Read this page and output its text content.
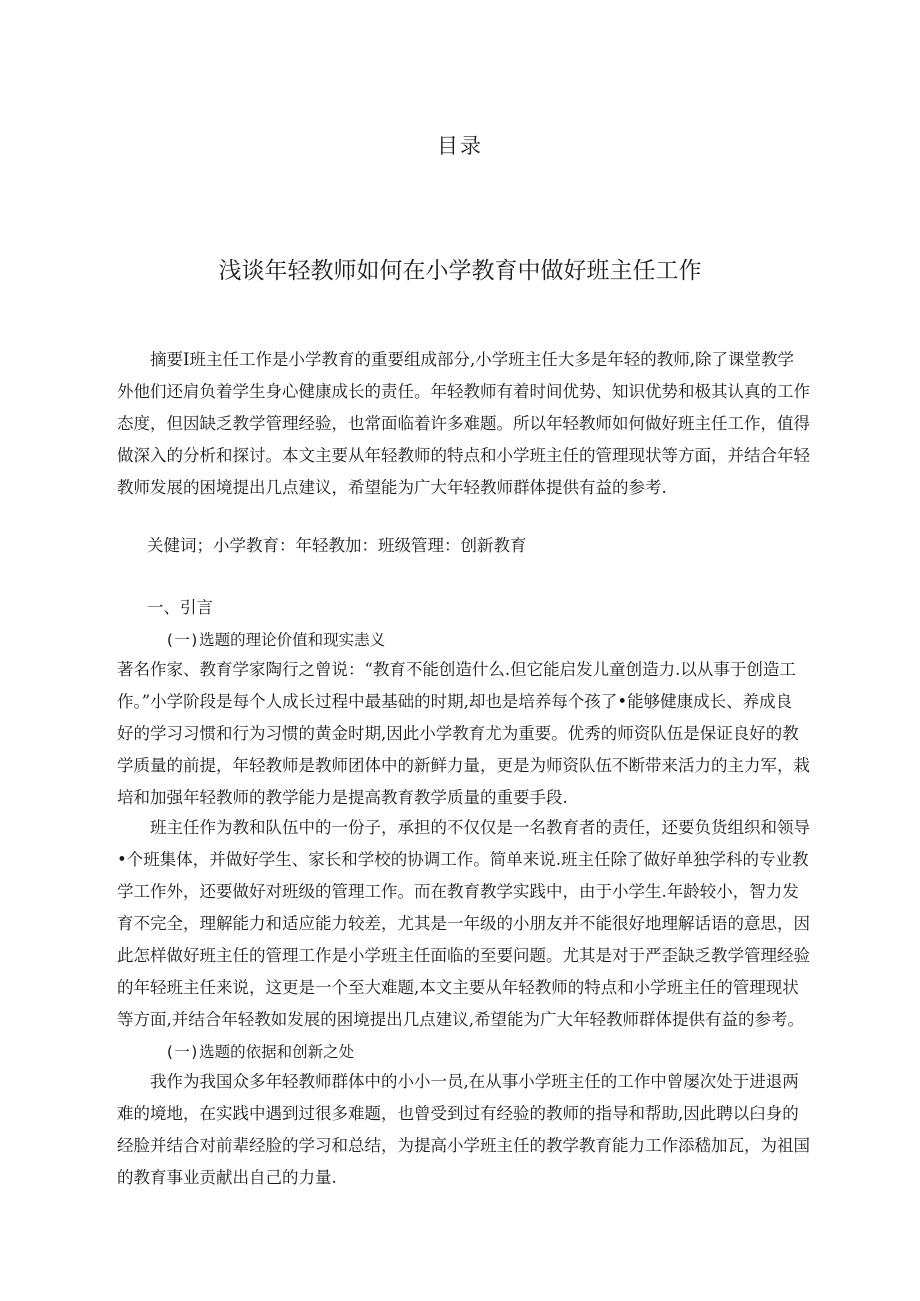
目录
浅谈年轻教师如何在小学教育中做好班主任工作
摘要I班主任工作是小学教育的重要组成部分,小学班主任大多是年轻的教师,除了课堂教学
外他们还肩负着学生身心健康成长的责任。年轻教师有着时间优势、知识优势和极其认真的工作
态度，但因缺乏教学管理经验，也常面临着许多难题。所以年轻教师如何做好班主任工作，值得
做深入的分析和探讨。本文主要从年轻教师的特点和小学班主任的管理现状等方面，并结合年轻
教师发展的困境提出几点建议，希望能为广大年轻教师群体提供有益的参考.
关健词；小学教育：年轻教加：班级管理：创新教育
一、引言
(一)选题的理论价值和现实恚义
著名作家、教育学家陶行之曾说：“教育不能创造什么.但它能启发儿童创造力.以从事于创造工
作。”小学阶段是每个人成长过程中最基础的时期,却也是培养每个孩了•能够健康成长、养成良
好的学习习惯和行为习惯的黄金时期,因此小学教育尤为重要。优秀的师资队伍是保证良好的教
学质量的前提，年轻教师是教师团体中的新鲜力量，更是为师资队伍不断带来活力的主力军，栽
培和加强年轻教师的教学能力是提高教育教学质量的重要手段.
班主任作为教和队伍中的一份子，承担的不仅仅是一名教育者的责任，还要负货组织和领导
•个班集体，并做好学生、家长和学校的协调工作。简单来说.班主任除了做好单独学科的专业教
学工作外，还要做好对班级的管理工作。而在教育教学实践中，由于小学生.年龄较小，智力发
育不完全，理解能力和适应能力较差，尤其是一年级的小朋友并不能很好地理解话语的意思，因
此怎样做好班主任的管理工作是小学班主任面临的至要问题。尤其是对于严歪缺乏教学管理经验
的年轻班主任来说，这更是一个至大难题,本文主要从年轻教师的特点和小学班主任的管理现状
等方面,并结合年轻教如发展的困境提出几点建议,希望能为广大年轻教师群体提供有益的参考。
(一)选题的依据和创新之处
我作为我国众多年轻教师群体中的小小一员,在从事小学班主任的工作中曾屡次处于进退两
难的境地，在实践中遇到过很多难题，也曾受到过有经验的教师的指导和帮助,因此聘以臼身的
经脸并结合对前辈经脸的学习和总结，为提高小学班主任的教学教育能力工作添嵇加瓦，为祖国
的教育事业贡献出自己的力量.
